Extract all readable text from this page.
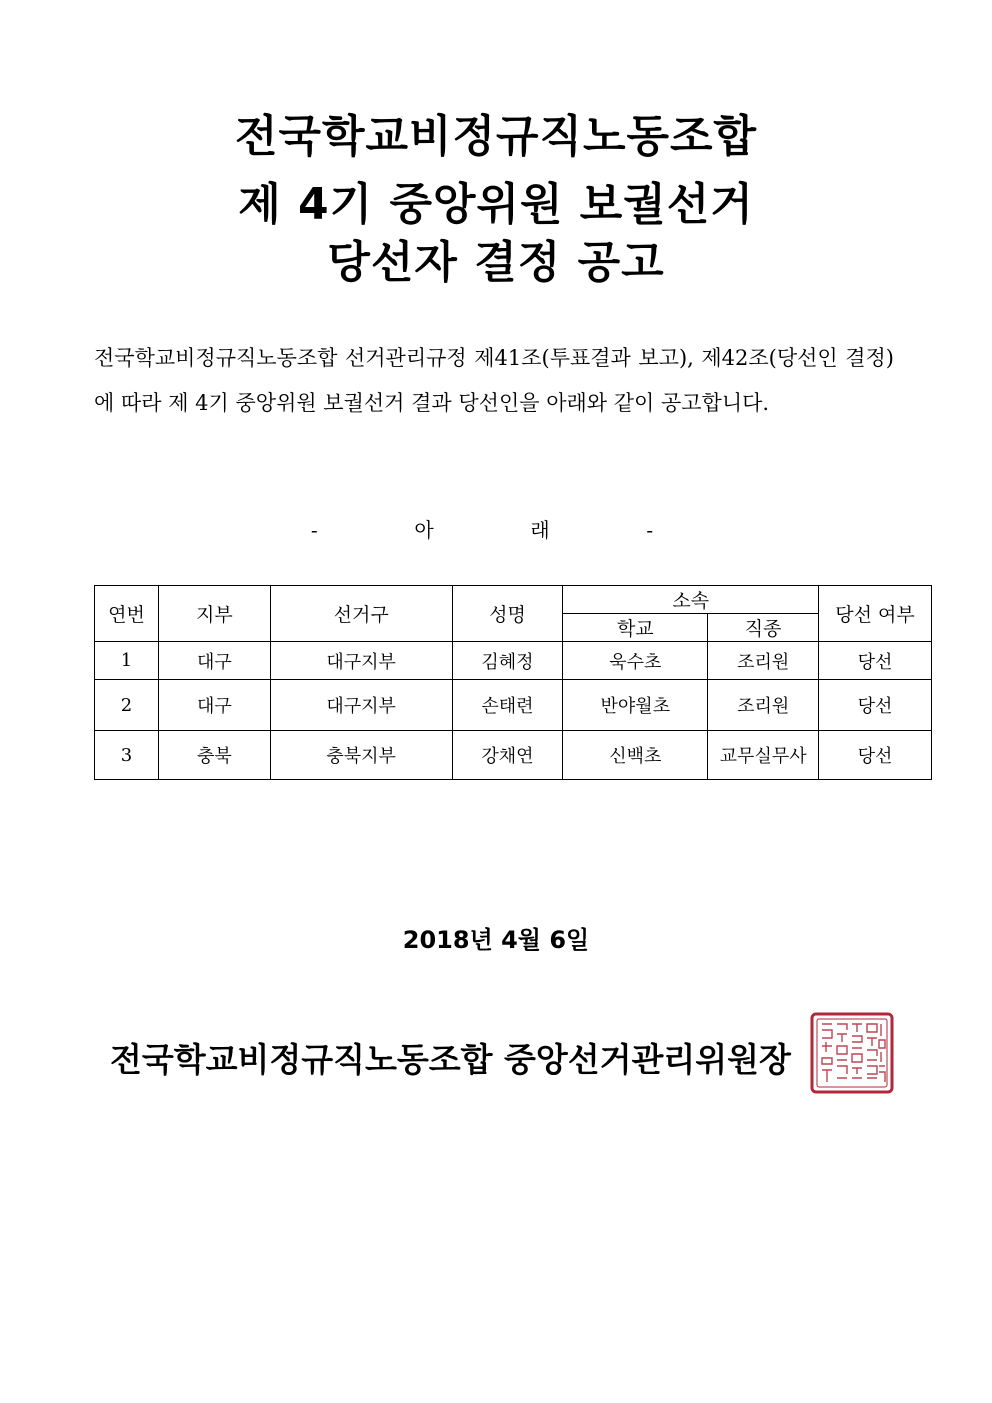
전국학교비정규직노동조합
제 4기 중앙위원 보궐선거
당선자 결정 공고
전국학교비정규직노동조합 선거관리규정 제41조(투표결과 보고), 제42조(당선인 결정)에 따라 제 4기 중앙위원 보궐선거 결과 당선인을 아래와 같이 공고합니다.
-  아  래  -
연번	지부	선거구	성명	소속		당선 여부
				학교	직종	
1	대구	대구지부	김혜정	욱수초	조리원	당선
2	대구	대구지부	손태련	반야월초	조리원	당선
3	충북	충북지부	강채연	신백초	교무실무사	당선
2018년 4월 6일
전국학교비정규직노동조합 중앙선거관리위원장
